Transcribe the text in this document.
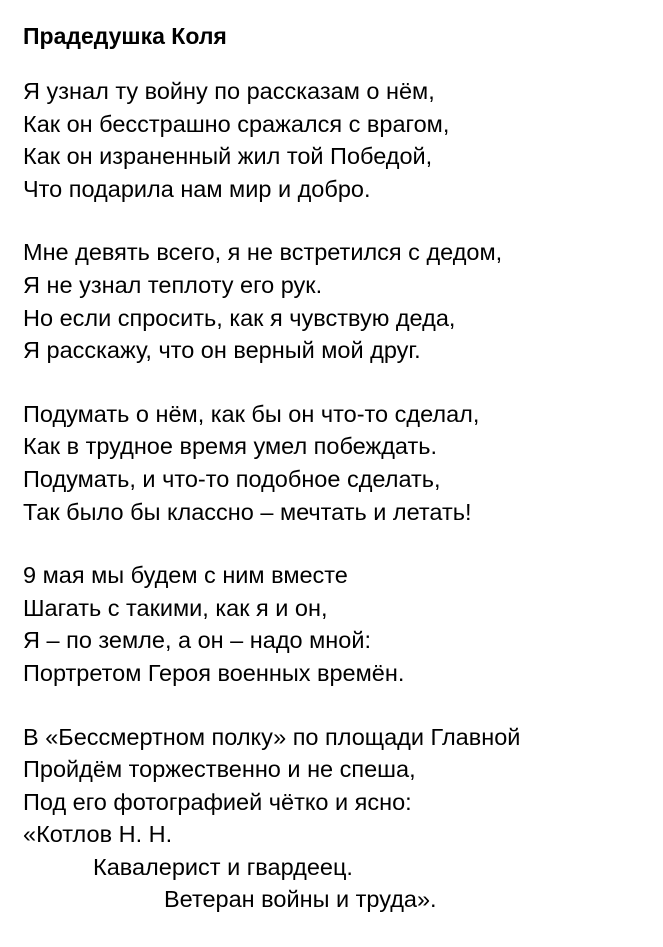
Прадедушка Коля
Я узнал ту войну по рассказам о нём,
Как он бесстрашно сражался с врагом,
Как он израненный жил той Победой,
Что подарила нам мир и добро.
Мне девять всего, я не встретился с дедом,
Я не узнал теплоту его рук.
Но если спросить, как я чувствую деда,
Я расскажу, что он верный мой друг.
Подумать о нём, как бы он что-то сделал,
Как в трудное время умел побеждать.
Подумать, и что-то подобное сделать,
Так было бы классно – мечтать и летать!
9 мая мы будем с ним вместе
Шагать с такими, как я и он,
Я – по земле, а он – надо мной:
Портретом Героя военных времён.
В «Бессмертном полку» по площади Главной
Пройдём торжественно и не спеша,
Под его фотографией чётко и ясно:
«Котлов Н. Н.
Кавалерист и гвардеец.
Ветеран войны и труда».
